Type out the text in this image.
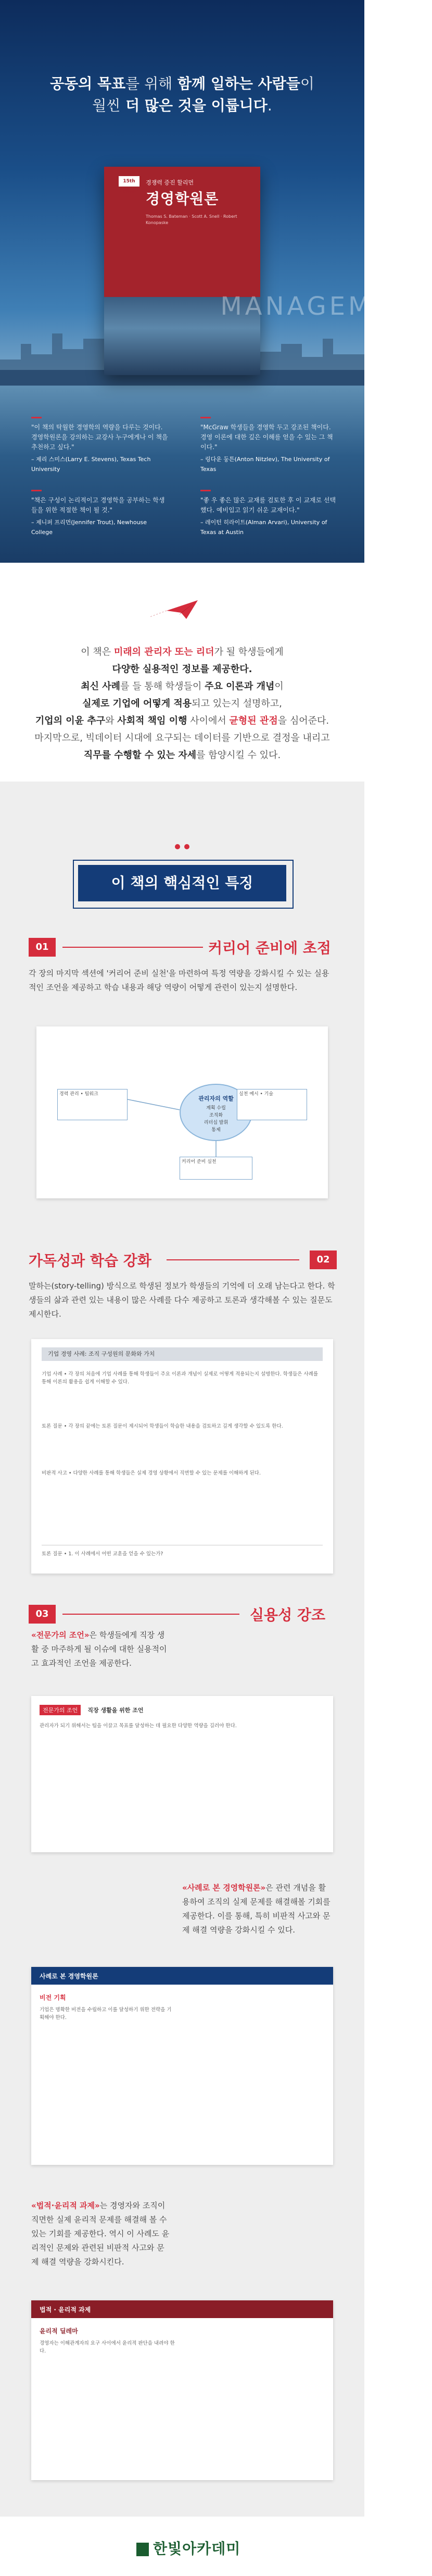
공동의 목표를 위해 함께 일하는 사람들이
월씬 더 많은 것을 이룹니다.
15th Edition
경쟁력 증진 할리먼
경영학원론
Thomas S. Bateman · Scott A. Snell · Robert Konopaske
MANAGEMENT
"이 책의 탁월한 경영학의 역량을 다루는 것이다. 경영학원론을 강의하는 교강사 누구에게나 이 책을 추천하고 싶다."
– 제리 스미스(Larry E. Stevens), Texas Tech University
"McGraw 학생들을 경영학 두고 강조된 책이다. 경영 이론에 대한 깊은 이해를 얻을 수 있는 그 책이다."
– 링다운 둥튼(Anton Nitzlev), The University of Texas
"책은 구성이 논리적이고 경영학을 공부하는 학생들을 위한 적절한 책이 될 것."
– 제니퍼 프리먼(Jennifer Trout), Newhouse College
"좋 우 좋은 많은 교재를 검토한 후 이 교재로 선택했다. 예비입고 읽기 쉬운 교재이다."
– 레이턴 히라이트(Alman Arvari), University of Texas at Austin
이 책은 미래의 관리자 또는 리더가 될 학생들에게
다양한 실용적인 정보를 제공한다.
최신 사례를 들 통해 학생들이 주요 이론과 개념이
실제로 기업에 어떻게 적용되고 있는지 설명하고,
기업의 이윤 추구와 사회적 책임 이행 사이에서 균형된 관점을 심어준다.
마지막으로, 빅데이터 시대에 요구되는 데이터를 기반으로 결정을 내리고
직무를 수행할 수 있는 자세를 함양시킬 수 있다.
이 책의 핵심적인 특징
01	커리어 준비에 초점
각 장의 마지막 섹션에 '커리어 준비 실천'을 마련하여 특정 역량을 강화시킬 수 있는 실용적인 조언을 제공하고 학습 내용과 해당 역량이 어떻게 관련이 있는지 설명한다.
관리자의 역할
계획 수립
조직화
리더십 발휘
통제
경력 관리 • 팀워크	실천 예시 • 기술
커리어 준비 실천
가독성과 학습 강화	02
말하는(story-telling) 방식으로 학생된 정보가 학생들의 기억에 더 오래 남는다고 한다. 학생들의 삶과 관련 있는 내용이 많은 사례를 다수 제공하고 토론과 생각해볼 수 있는 질문도 제시한다.
기업 경영 사례: 조직 구성원의 문화와 가치
기업 사례 • 각 장의 처음에 기업 사례를 통해 학생들이 주요 이론과 개념이 실제로 어떻게 적용되는지 설명한다. 학생들은 사례를 통해 이론의 활용을 쉽게 이해할 수 있다.
토론 질문 • 각 장의 끝에는 토론 질문이 제시되어 학생들이 학습한 내용을 검토하고 깊게 생각할 수 있도록 한다.
비판적 사고 • 다양한 사례를 통해 학생들은 실제 경영 상황에서 직면할 수 있는 문제를 이해하게 된다.
토론 질문 • 1. 이 사례에서 어떤 교훈을 얻을 수 있는가?
03	실용성 강조
«전문가의 조언»은 학생들에게 직장 생활 중 마주하게 될 이슈에 대한 실용적이고 효과적인 조언을 제공한다.
전문가의 조언 직장 생활을 위한 조언
관리자가 되기 위해서는 팀을 이끌고 목표를 달성하는 데 필요한 다양한 역량을 길러야 한다.
«사례로 본 경영학원론»은 관련 개념을 활용하여 조직의 실제 문제를 해결해볼 기회를 제공한다. 이를 통해, 특히 비판적 사고와 문제 해결 역량을 강화시킬 수 있다.
사례로 본 경영학원론
비전 기획
기업은 명확한 비전을 수립하고 이를 달성하기 위한 전략을 기획해야 한다.
«법적·윤리적 과제»는 경영자와 조직이 직면한 실제 윤리적 문제를 해결해 볼 수 있는 기회를 제공한다. 역시 이 사례도 윤리적인 문제와 관련된 비판적 사고와 문제 해결 역량을 강화시킨다.
법적 · 윤리적 과제
윤리적 딜레마
경영자는 이해관계자의 요구 사이에서 윤리적 판단을 내려야 한다.
한빛아카데미
